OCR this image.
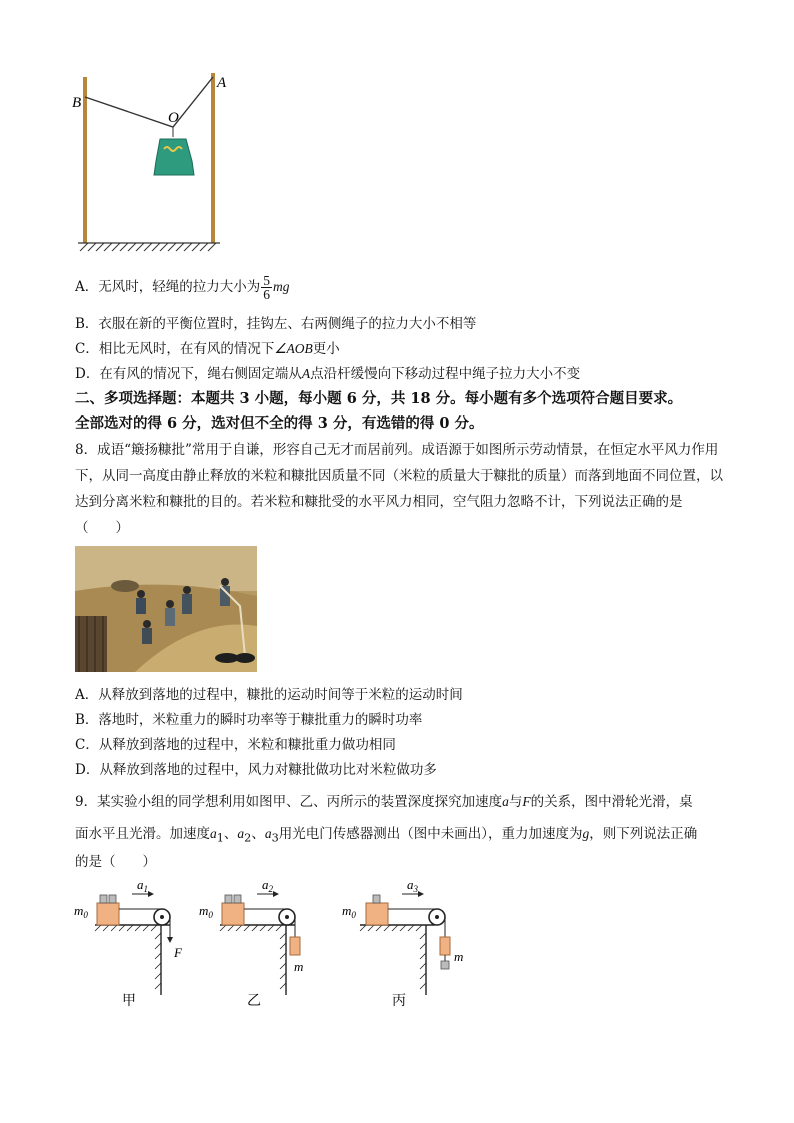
B
A
O
A．无风时，轻绳的拉力大小为 $\frac{5}{6}$ mg
B．衣服在新的平衡位置时，挂钩左、右两侧绳子的拉力大小不相等
C．相比无风时，在有风的情况下∠AOB更小
D．在有风的情况下，绳右侧固定端从A点沿杆缓慢向下移动过程中绳子拉力大小不变
二、多项选择题：本题共 3 小题，每小题 6 分，共 18 分。每小题有多个选项符合题目要求。
全部选对的得 6 分，选对但不全的得 3 分，有选错的得 0 分。
8．成语“簸扬糠批”常用于自谦，形容自己无才而居前列。成语源于如图所示劳动情景，在恒定水平风力作用下，从同一高度由静止释放的米粒和糠批因质量不同（米粒的质量大于糠批的质量）而落到地面不同位置，以达到分离米粒和糠批的目的。若米粒和糠批受的水平风力相同，空气阻力忽略不计，下列说法正确的是（　　）
A．从释放到落地的过程中，糠批的运动时间等于米粒的运动时间
B．落地时，米粒重力的瞬时功率等于糠批重力的瞬时功率
C．从释放到落地的过程中，米粒和糠批重力做功相同
D．从释放到落地的过程中，风力对糠批做功比对米粒做功多
9．某实验小组的同学想利用如图甲、乙、丙所示的装置深度探究加速度a与F的关系，图中滑轮光滑，桌
面水平且光滑。加速度$a_1$、$a_2$、$a_3$用光电门传感器测出（图中未画出），重力加速度为g，则下列说法正确
的是（　　）
$m_0$
$a_1$
F
甲
$m_0$
$a_2$
m
乙
$m_0$
$a_3$
m
丙
